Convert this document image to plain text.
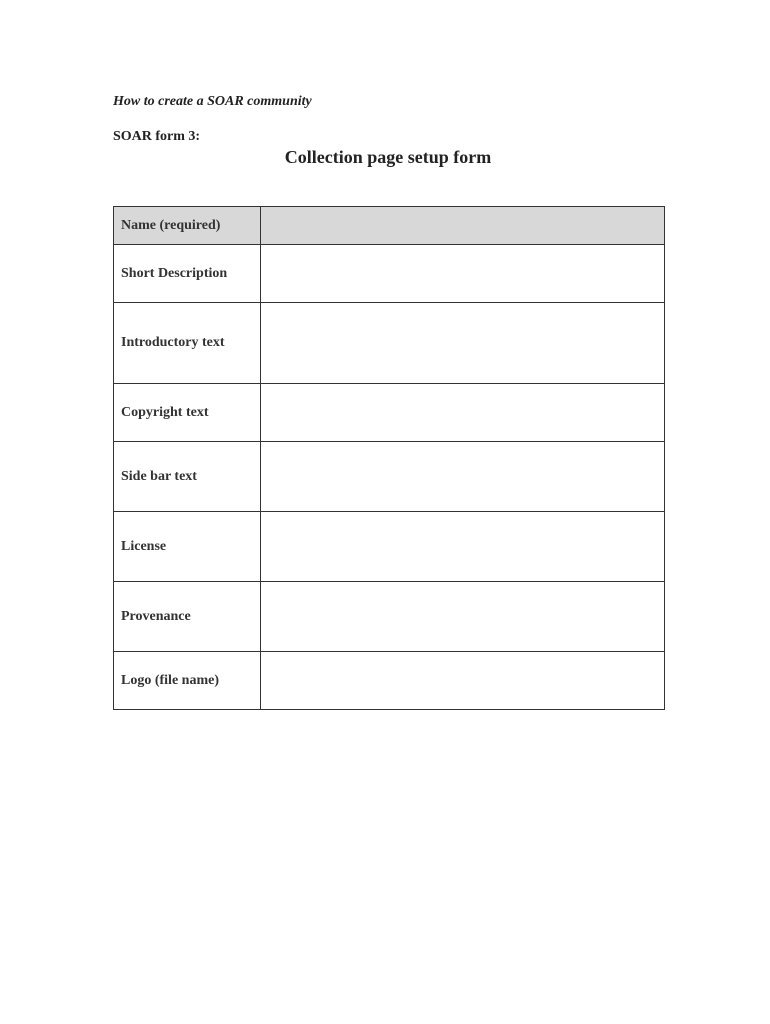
How to create a SOAR community
SOAR form 3:
Collection page setup form
Name (required)	
Short Description	
Introductory text	
Copyright text	
Side bar text	
License	
Provenance	
Logo (file name)	
